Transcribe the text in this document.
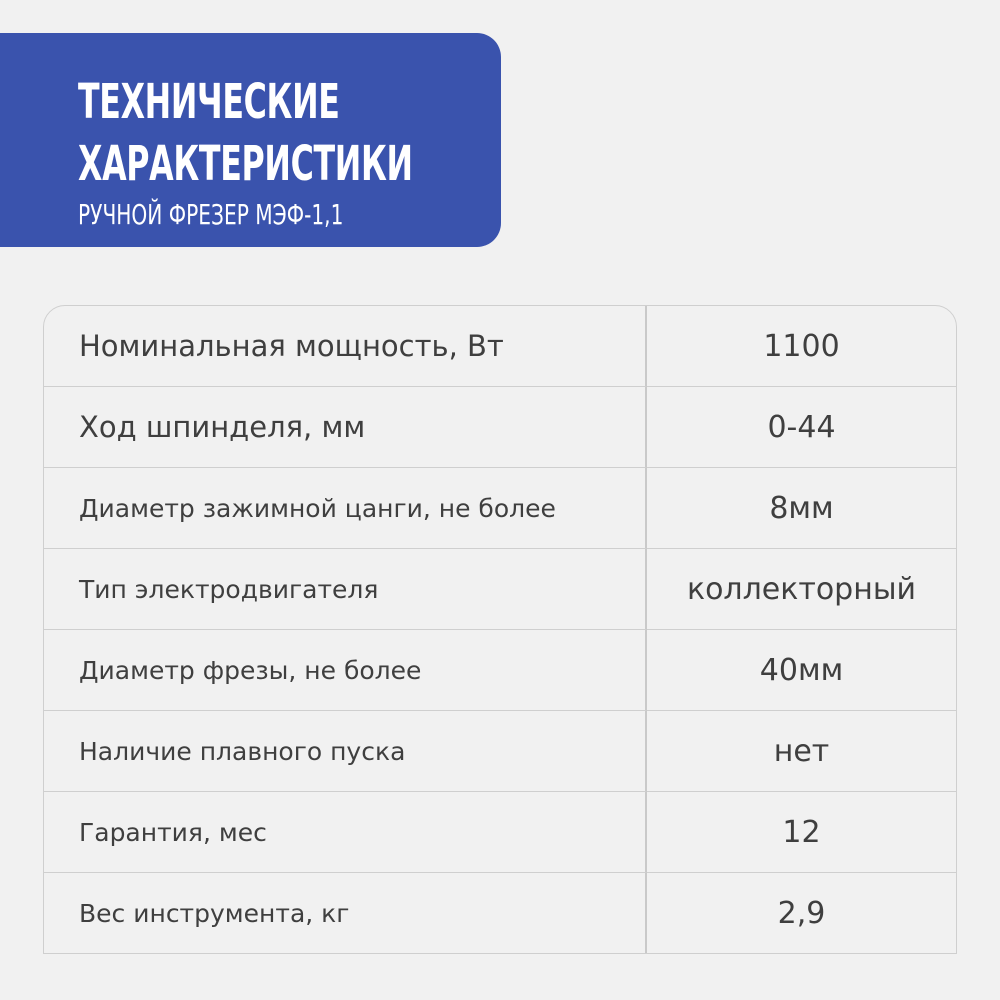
ТЕХНИЧЕСКИЕ
ХАРАКТЕРИСТИКИ
РУЧНОЙ ФРЕЗЕР МЭФ-1,1
Номинальная мощность, Вт	1100
Ход шпинделя, мм	0-44
Диаметр зажимной цанги, не более	8мм
Тип электродвигателя	коллекторный
Диаметр фрезы, не более	40мм
Наличие плавного пуска	нет
Гарантия, мес	12
Вес инструмента, кг	2,9
